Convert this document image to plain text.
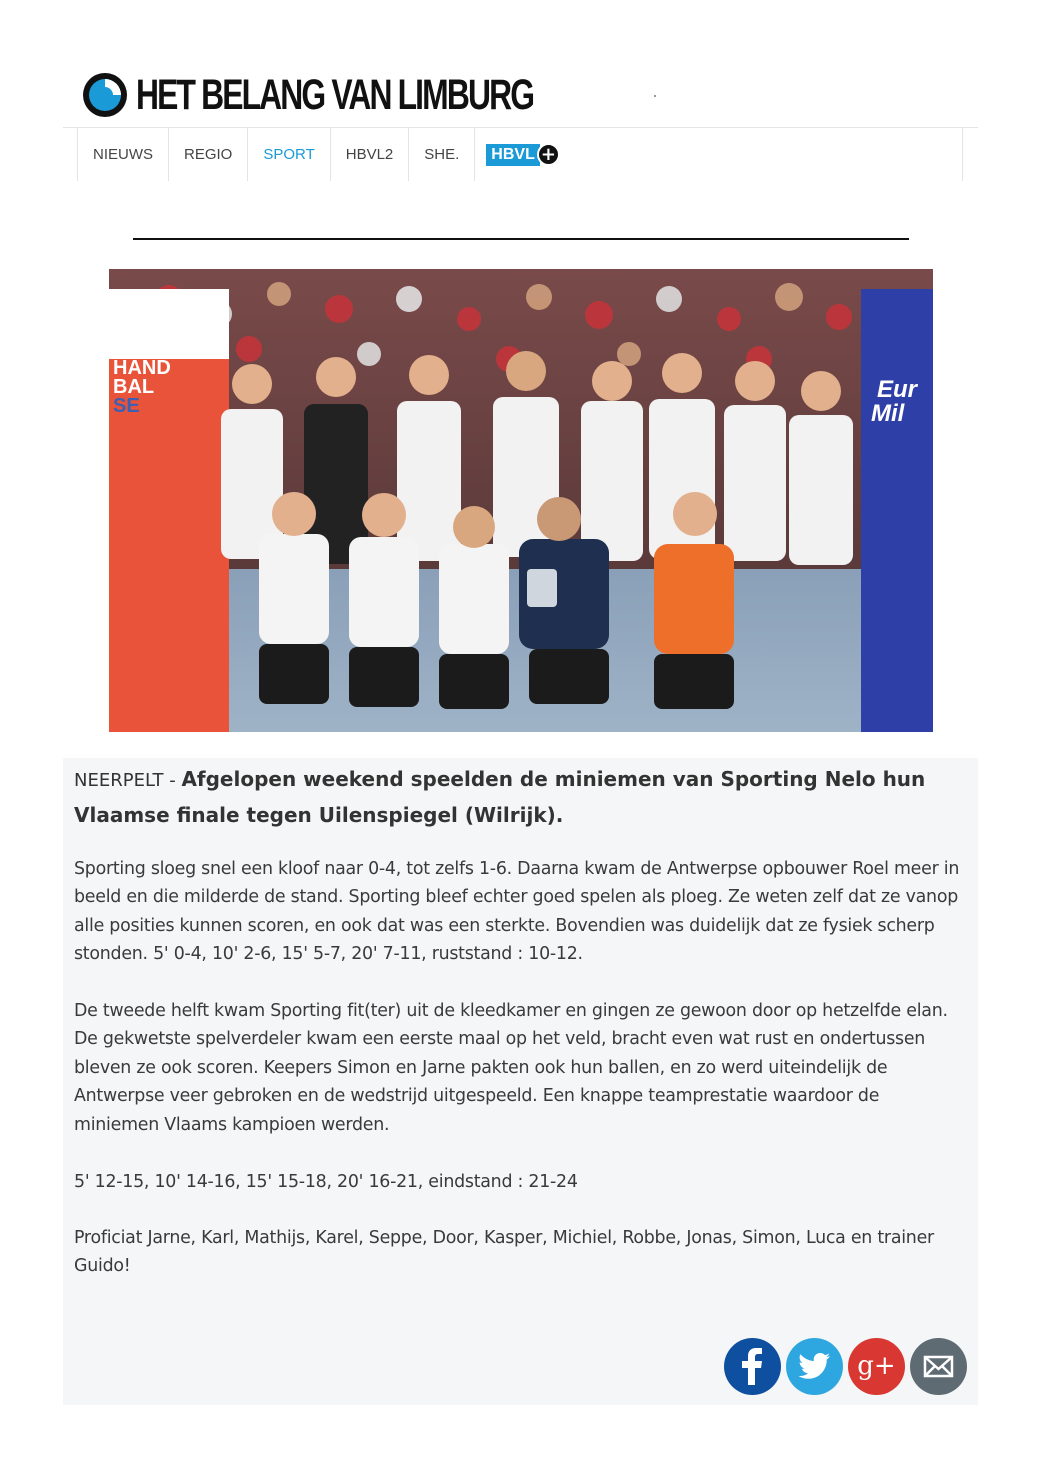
HET BELANG VAN LIMBURG
NIEUWS	REGIO	SPORT	HBVL2	SHE.	HBVL +
HAND
BAL
SE
Eur
Mil

NEERPELT - Afgelopen weekend speelden de miniemen van Sporting Nelo hun Vlaamse finale tegen Uilenspiegel (Wilrijk).

Sporting sloeg snel een kloof naar 0-4, tot zelfs 1-6. Daarna kwam de Antwerpse opbouwer Roel meer in beeld en die milderde de stand. Sporting bleef echter goed spelen als ploeg. Ze weten zelf dat ze vanop alle posities kunnen scoren, en ook dat was een sterkte. Bovendien was duidelijk dat ze fysiek scherp stonden. 5' 0-4, 10' 2-6, 15' 5-7, 20' 7-11, ruststand : 10-12.

De tweede helft kwam Sporting fit(ter) uit de kleedkamer en gingen ze gewoon door op hetzelfde elan. De gekwetste spelverdeler kwam een eerste maal op het veld, bracht even wat rust en ondertussen bleven ze ook scoren. Keepers Simon en Jarne pakten ook hun ballen, en zo werd uiteindelijk de Antwerpse veer gebroken en de wedstrijd uitgespeeld. Een knappe teamprestatie waardoor de miniemen Vlaams kampioen werden.

5' 12-15, 10' 14-16, 15' 15-18, 20' 16-21, eindstand : 21-24

Proficiat Jarne, Karl, Mathijs, Karel, Seppe, Door, Kasper, Michiel, Robbe, Jonas, Simon, Luca en trainer Guido!

g+
